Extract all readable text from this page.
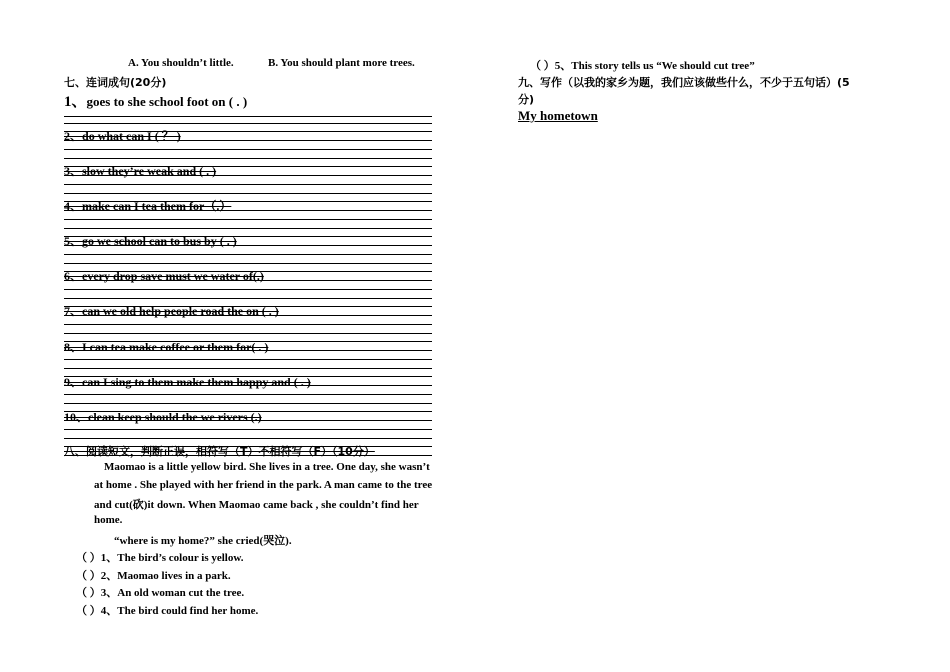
A. You shouldn’t little.	B. You should plant more trees.
七、连词成句(20分)
1、goes to she school foot on ( . )
2、do what can I ( ？ )
3、slow they’re weak and ( . )
4、make can I tea them for（.）
5、go we school can to bus by ( . )
6、every drop save must we water of(.)
7、can we old help people road the on ( . )
8、I can tea make coffee or them for( . )
9、can I sing to them make them happy and ( . )
10、clean keep should the we rivers (.)
八、阅读短文，判断正误，相符写（T）不相符写（F）（10分）
Maomao is a little yellow bird. She lives in a tree. One day, she wasn’t
at home . She played with her friend in the park. A man came to the tree
and cut(砍)it down. When Maomao came back , she couldn’t find her
home.
“where is my home?” she cried(哭泣).
（ ）1、The bird’s colour is yellow.
（ ）2、Maomao lives in a park.
（ ）3、An old woman cut the tree.
（ ）4、The bird could find her home.
（ ）5、This story tells us “We should cut tree”
九、写作（以我的家乡为题，我们应该做些什么，不少于五句话）(5
分)
My hometown
